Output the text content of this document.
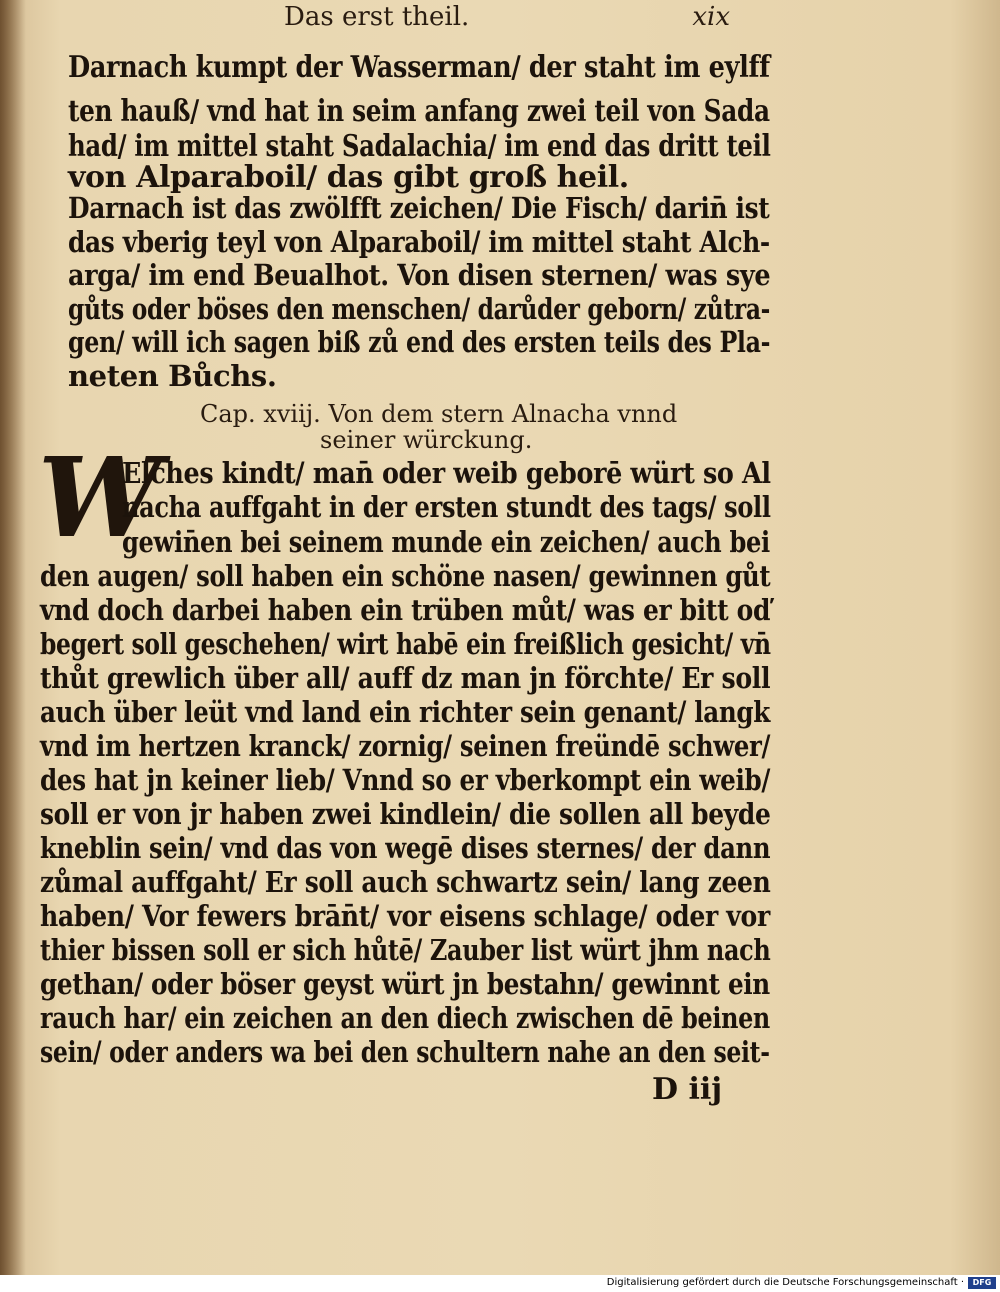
Das erst theil.	xix
Darnach kumpt der Wasserman/ der staht im eylff
ten hauß/ vnd hat in seim anfang zwei teil von Sada
had/ im mittel staht Sadalachia/ im end das dritt teil
von Alparaboil/ das gibt groß heil.
Darnach ist das zwölfft zeichen/ Die Fisch/ darin̄ ist
das vberig teyl von Alparaboil/ im mittel staht Alch-
arga/ im end Beualhot. Von disen sternen/ was sye
gůts oder böses den menschen/ darůder geborn/ zůtra-
gen/ will ich sagen biß zů end des ersten teils des Pla-
neten Bůchs.
Cap. xviij. Von dem stern Alnacha vnnd
seiner würckung.
W
Elches kindt/ man̄ oder weib geborē würt so Al
nacha auffgaht in der ersten stundt des tags/ soll
gewin̄en bei seinem munde ein zeichen/ auch bei
den augen/ soll haben ein schöne nasen/ gewinnen gůt
vnd doch darbei haben ein trüben můt/ was er bitt oď
begert soll geschehen/ wirt habē ein freißlich gesicht/ vn̄
thůt grewlich über all/ auff dz man jn förchte/ Er soll
auch über leüt vnd land ein richter sein genant/ langk
vnd im hertzen kranck/ zornig/ seinen freündē schwer/
des hat jn keiner lieb/ Vnnd so er vberkompt ein weib/
soll er von jr haben zwei kindlein/ die sollen all beyde
kneblin sein/ vnd das von wegē dises sternes/ der dann
zůmal auffgaht/ Er soll auch schwartz sein/ lang zeen
haben/ Vor fewers brān̄t/ vor eisens schlage/ oder vor
thier bissen soll er sich hůtē/ Zauber list würt jhm nach
gethan/ oder böser geyst würt jn bestahn/ gewinnt ein
rauch har/ ein zeichen an den diech zwischen dē beinen
sein/ oder anders wa bei den schultern nahe an den seit-
D iij
Digitalisierung gefördert durch die Deutsche Forschungsgemeinschaft ·	DFG
